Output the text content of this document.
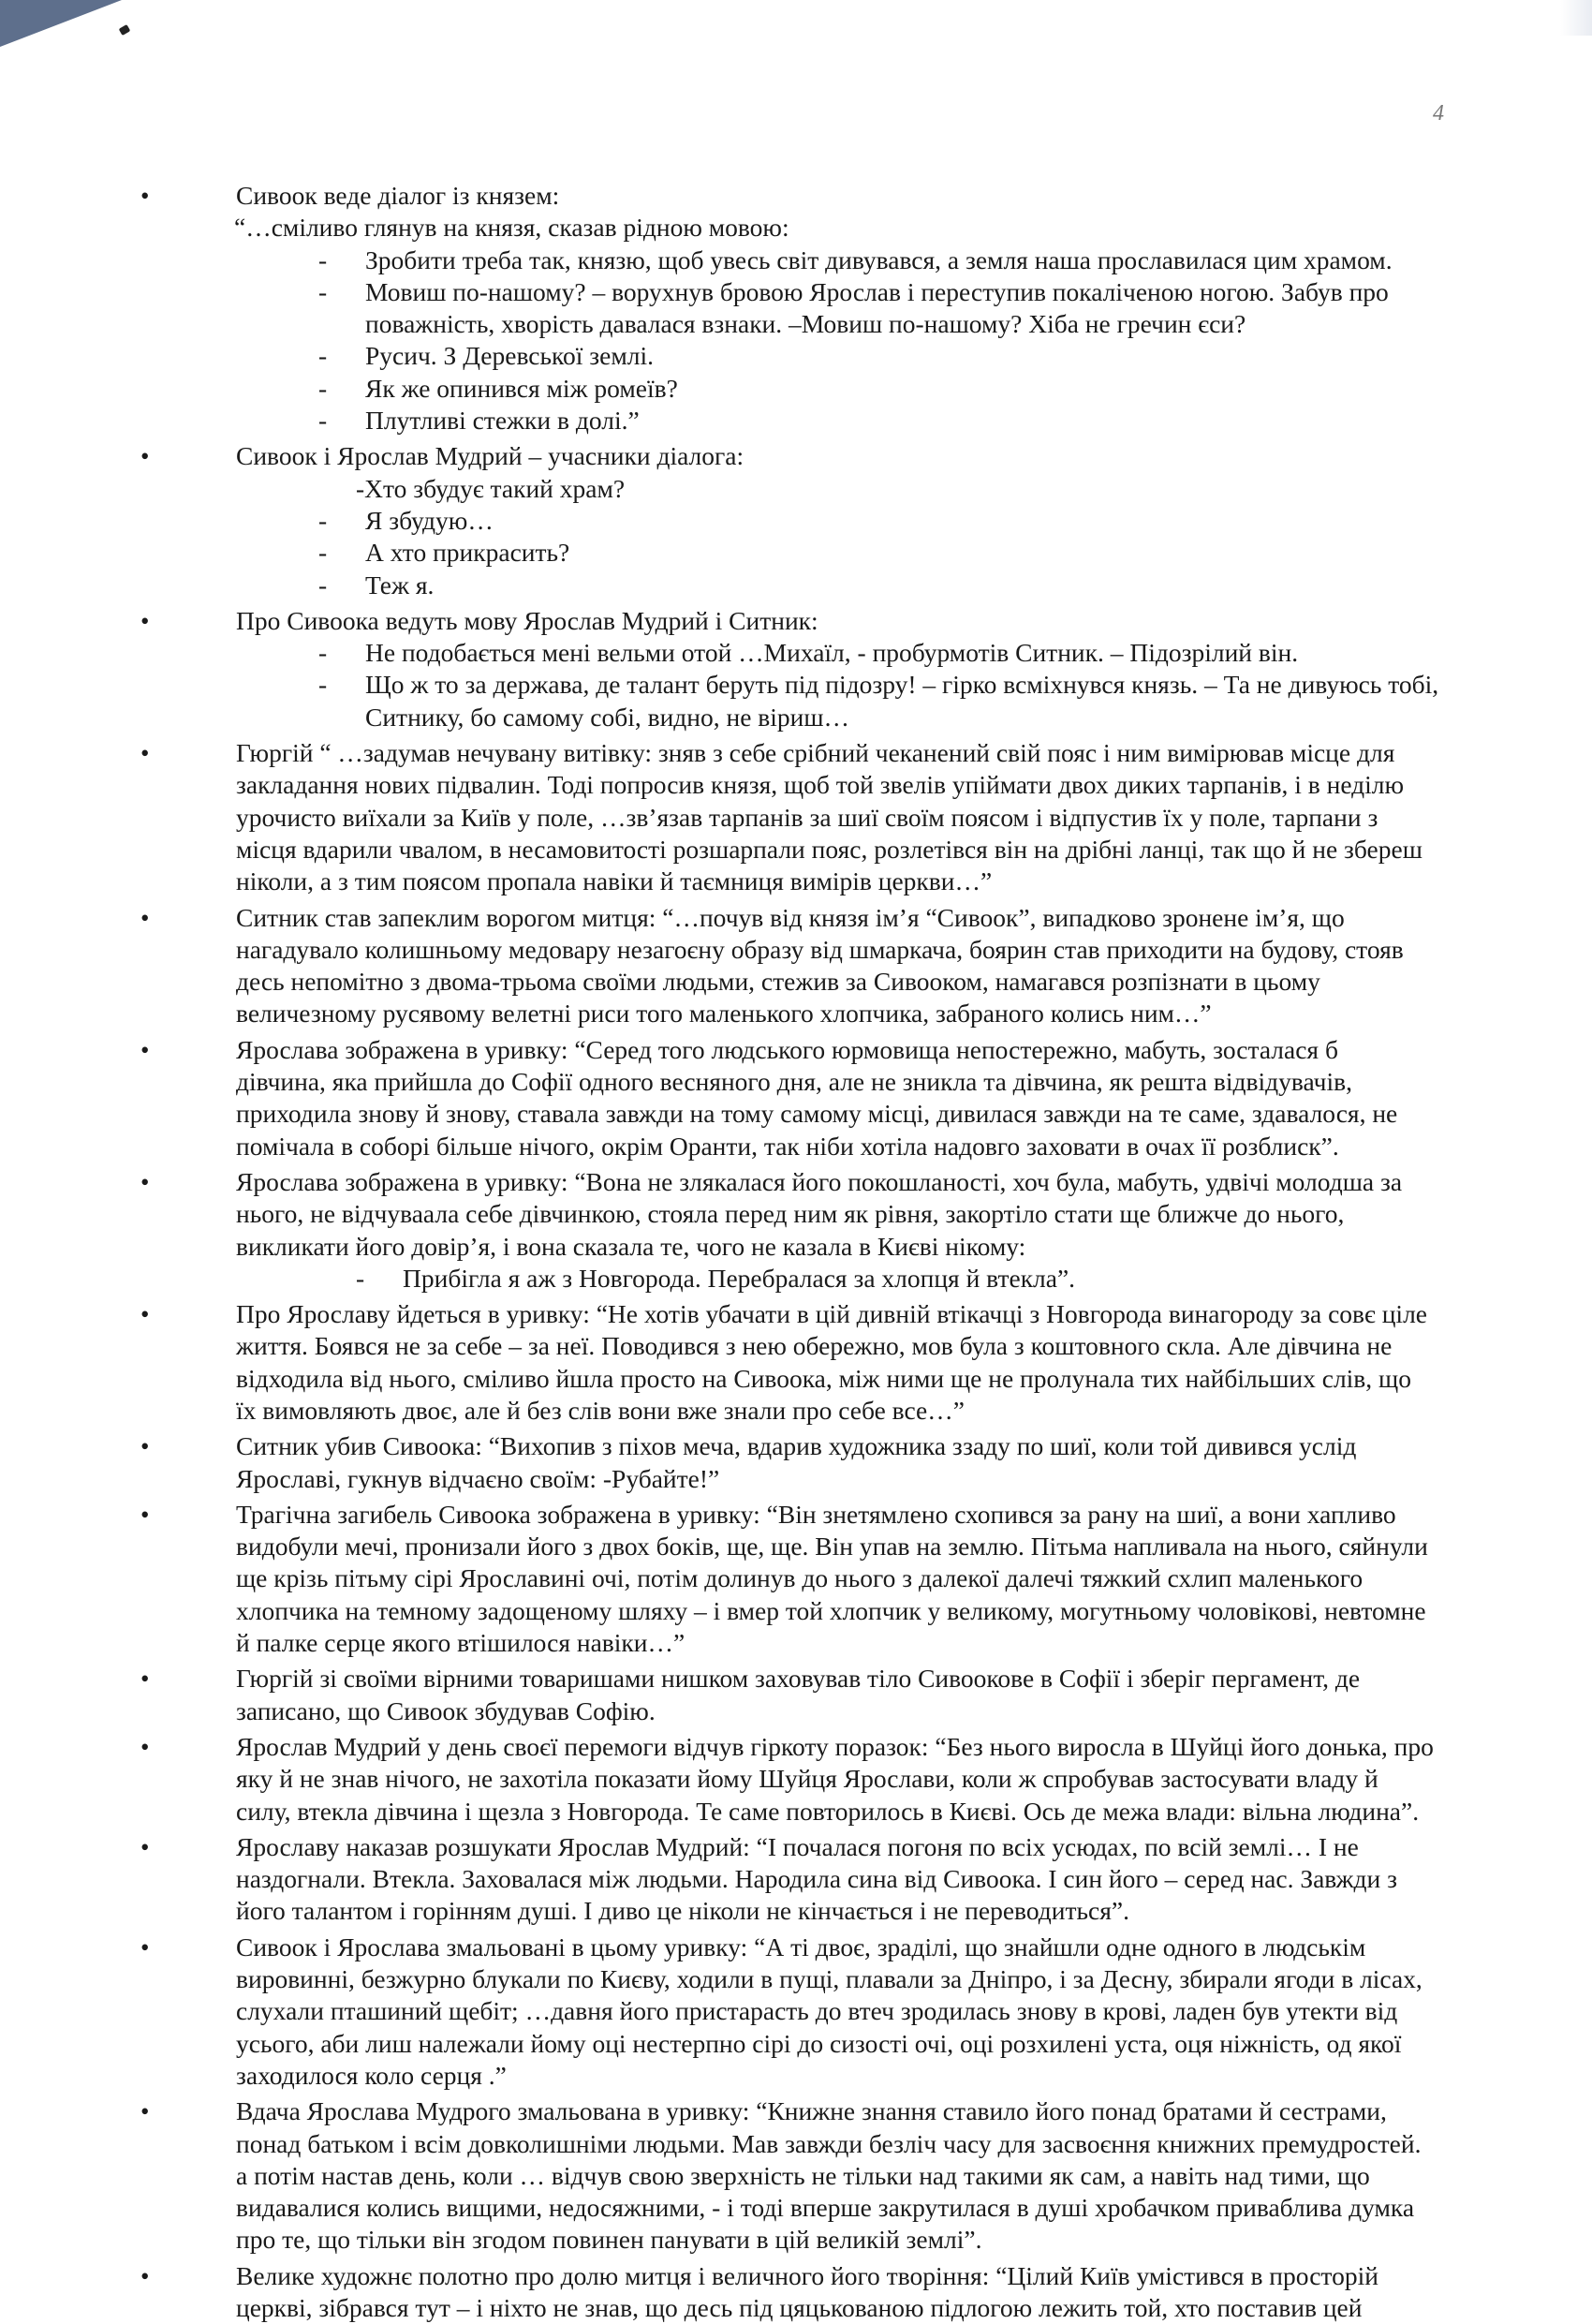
4
• Сивоок веде діалог із князем:
“…сміливо глянув на князя, сказав рідною мовою:
- Зробити треба так, князю, щоб увесь світ дивувався, а земля наша прославилася цим храмом.
- Мовиш по-нашому? – ворухнув бровою Ярослав і переступив покаліченою ногою. Забув про
поважність, хворість давалася взнаки. –Мовиш по-нашому? Хіба не гречин єси?
- Русич. З Деревської землі.
- Як же опинився між ромеїв?
- Плутливі стежки в долі.”
• Сивоок і Ярослав Мудрий – учасники діалога:
-Хто збудує такий храм?
- Я збудую…
- А хто прикрасить?
- Теж я.
• Про Сивоока ведуть мову Ярослав Мудрий і Ситник:
- Не подобається мені вельми отой …Михаїл, - пробурмотів Ситник. – Підозрілий він.
- Що ж то за держава, де талант беруть під підозру! – гірко всміхнувся князь. – Та не дивуюсь тобі,
Ситнику, бо самому собі, видно, не віриш…
• Гюргій “ …задумав нечувану витівку: зняв з себе срібний чеканений свій пояс і ним вимірював місце для
закладання нових підвалин. Тоді попросив князя, щоб той звелів упіймати двох диких тарпанів, і в неділю
урочисто виїхали за Київ у поле, …зв’язав тарпанів за шиї своїм поясом і відпустив їх у поле, тарпани з
місця вдарили чвалом, в несамовитості розшарпали пояс, розлетівся він на дрібні ланці, так що й не збереш
ніколи, а з тим поясом пропала навіки й таємниця вимірів церкви…”
• Ситник став запеклим ворогом митця: “…почув від князя ім’я “Сивоок”, випадково зронене ім’я, що
нагадувало колишньому медовару незагоєну образу від шмаркача, боярин став приходити на будову, стояв
десь непомітно з двома-трьома своїми людьми, стежив за Сивооком, намагався розпізнати в цьому
величезному русявому велетні риси того маленького хлопчика, забраного колись ним…”
• Ярослава зображена в уривку: “Серед того людського юрмовища непостережно, мабуть, зосталася б
дівчина, яка прийшла до Софії одного весняного дня, але не зникла та дівчина, як решта відвідувачів,
приходила знову й знову, ставала завжди на тому самому місці, дивилася завжди на те саме, здавалося, не
помічала в соборі більше нічого, окрім Оранти, так ніби хотіла надовго заховати в очах її розблиск”.
• Ярослава зображена в уривку: “Вона не злякалася його покошланості, хоч була, мабуть, удвічі молодша за
нього, не відчуваала себе дівчинкою, стояла перед ним як рівня, закортіло стати ще ближче до нього,
викликати його довір’я, і вона сказала те, чого не казала в Києві нікому:
- Прибігла я аж з Новгорода. Перебралася за хлопця й втекла”.
• Про Ярославу йдеться в уривку: “Не хотів убачати в цій дивній втікачці з Новгорода винагороду за совє ціле
життя. Боявся не за себе – за неї. Поводився з нею обережно, мов була з коштовного скла. Але дівчина не
відходила від нього, сміливо йшла просто на Сивоока, між ними ще не пролунала тих найбільших слів, що
їх вимовляють двоє, але й без слів вони вже знали про себе все…”
• Ситник убив Сивоока: “Вихопив з піхов меча, вдарив художника ззаду по шиї, коли той дивився услід
Ярославі, гукнув відчаєно своїм: -Рубайте!”
• Трагічна загибель Сивоока зображена в уривку: “Він знетямлено схопився за рану на шиї, а вони хапливо
видобули мечі, пронизали його з двох боків, ще, ще. Він упав на землю. Пітьма напливала на нього, сяйнули
ще крізь пітьму сірі Ярославині очі, потім долинув до нього з далекої далечі тяжкий схлип маленького
хлопчика на темному задощеному шляху – і вмер той хлопчик у великому, могутньому чоловікові, невтомне
й палке серце якого втішилося навіки…”
• Гюргій зі своїми вірними товаришами нишком заховував тіло Сивоокове в Софії і зберіг пергамент, де
записано, що Сивоок збудував Софію.
• Ярослав Мудрий у день своєї перемоги відчув гіркоту поразок: “Без нього виросла в Шуйці його донька, про
яку й не знав нічого, не захотіла показати йому Шуйця Ярослави, коли ж спробував застосувати владу й
силу, втекла дівчина і щезла з Новгорода. Те саме повторилось в Києві. Ось де межа влади: вільна людина”.
• Ярославу наказав розшукати Ярослав Мудрий: “І почалася погоня по всіх усюдах, по всій землі… І не
наздогнали. Втекла. Заховалася між людьми. Народила сина від Сивоока. І син його – серед нас. Завжди з
його талантом і горінням душі. І диво це ніколи не кінчається і не переводиться”.
• Сивоок і Ярослава змальовані в цьому уривку: “А ті двоє, зраділі, що знайшли одне одного в людськім
вировинні, безжурно блукали по Києву, ходили в пущі, плавали за Дніпро, і за Десну, збирали ягоди в лісах,
слухали пташиний щебіт; …давня його пристарасть до втеч зродилась знову в крові, ладен був утекти від
усього, аби лиш належали йому оці нестерпно сірі до сизості очі, оці розхилені уста, оця ніжність, од якої
заходилося коло серця .”
• Вдача Ярослава Мудрого змальована в уривку: “Книжне знання ставило його понад братами й сестрами,
понад батьком і всім довколишніми людьми. Мав завжди безліч часу для засвоєння книжних премудростей.
а потім настав день, коли … відчув свою зверхність не тільки над такими як сам, а навіть над тими, що
видавалися колись вищими, недосяжними, - і тоді вперше закрутилася в душі хробачком приваблива думка
про те, що тільки він згодом повинен панувати в цій великій землі”.
• Велике художнє полотно про долю митця і величного його творіння: “Цілий Київ умістився в просторій
церкві, зібрався тут – і ніхто не знав, що десь під цяцькованою підлогою лежить той, хто поставив цей
